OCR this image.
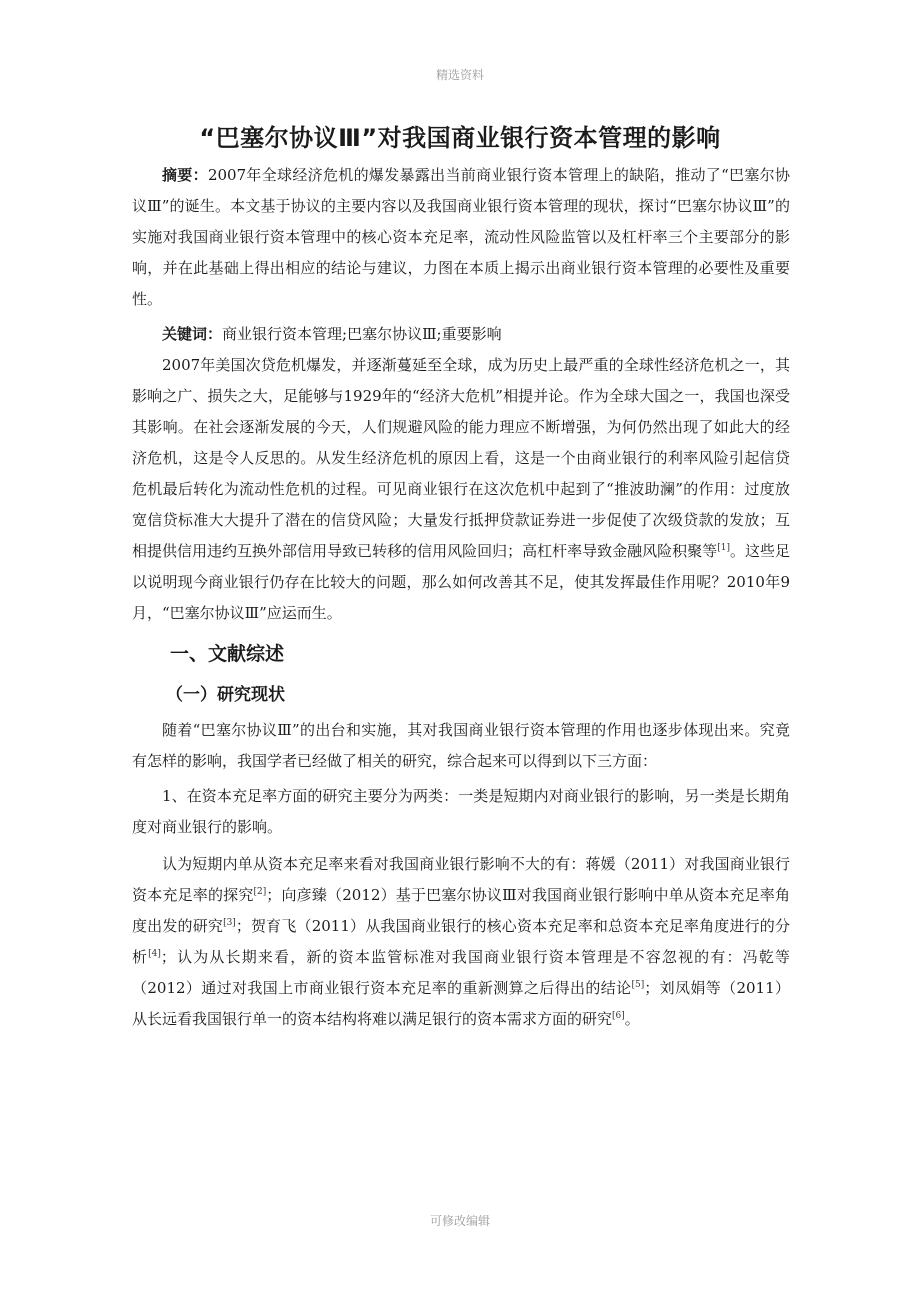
精选资料
“巴塞尔协议Ⅲ”对我国商业银行资本管理的影响

摘要：2007年全球经济危机的爆发暴露出当前商业银行资本管理上的缺陷，推动了“巴塞尔协议Ⅲ”的诞生。本文基于协议的主要内容以及我国商业银行资本管理的现状，探讨“巴塞尔协议Ⅲ”的实施对我国商业银行资本管理中的核心资本充足率，流动性风险监管以及杠杆率三个主要部分的影响，并在此基础上得出相应的结论与建议，力图在本质上揭示出商业银行资本管理的必要性及重要性。

关键词：商业银行资本管理;巴塞尔协议Ⅲ;重要影响

2007年美国次贷危机爆发，并逐渐蔓延至全球，成为历史上最严重的全球性经济危机之一，其影响之广、损失之大，足能够与1929年的“经济大危机”相提并论。作为全球大国之一，我国也深受其影响。在社会逐渐发展的今天，人们规避风险的能力理应不断增强，为何仍然出现了如此大的经济危机，这是令人反思的。从发生经济危机的原因上看，这是一个由商业银行的利率风险引起信贷危机最后转化为流动性危机的过程。可见商业银行在这次危机中起到了“推波助澜”的作用：过度放宽信贷标准大大提升了潜在的信贷风险；大量发行抵押贷款证券进一步促使了次级贷款的发放；互相提供信用违约互换外部信用导致已转移的信用风险回归；高杠杆率导致金融风险积聚等[1]。这些足以说明现今商业银行仍存在比较大的问题，那么如何改善其不足，使其发挥最佳作用呢？2010年9月，“巴塞尔协议Ⅲ”应运而生。

一、文献综述
（一）研究现状

随着“巴塞尔协议Ⅲ”的出台和实施，其对我国商业银行资本管理的作用也逐步体现出来。究竟有怎样的影响，我国学者已经做了相关的研究，综合起来可以得到以下三方面：

1、在资本充足率方面的研究主要分为两类：一类是短期内对商业银行的影响，另一类是长期角度对商业银行的影响。

认为短期内单从资本充足率来看对我国商业银行影响不大的有：蒋媛（2011）对我国商业银行资本充足率的探究[2]；向彦臻（2012）基于巴塞尔协议Ⅲ对我国商业银行影响中单从资本充足率角度出发的研究[3]；贺育飞（2011）从我国商业银行的核心资本充足率和总资本充足率角度进行的分析[4]；认为从长期来看，新的资本监管标准对我国商业银行资本管理是不容忽视的有：冯乾等（2012）通过对我国上市商业银行资本充足率的重新测算之后得出的结论[5]；刘凤娟等（2011）从长远看我国银行单一的资本结构将难以满足银行的资本需求方面的研究[6]。

可修改编辑
